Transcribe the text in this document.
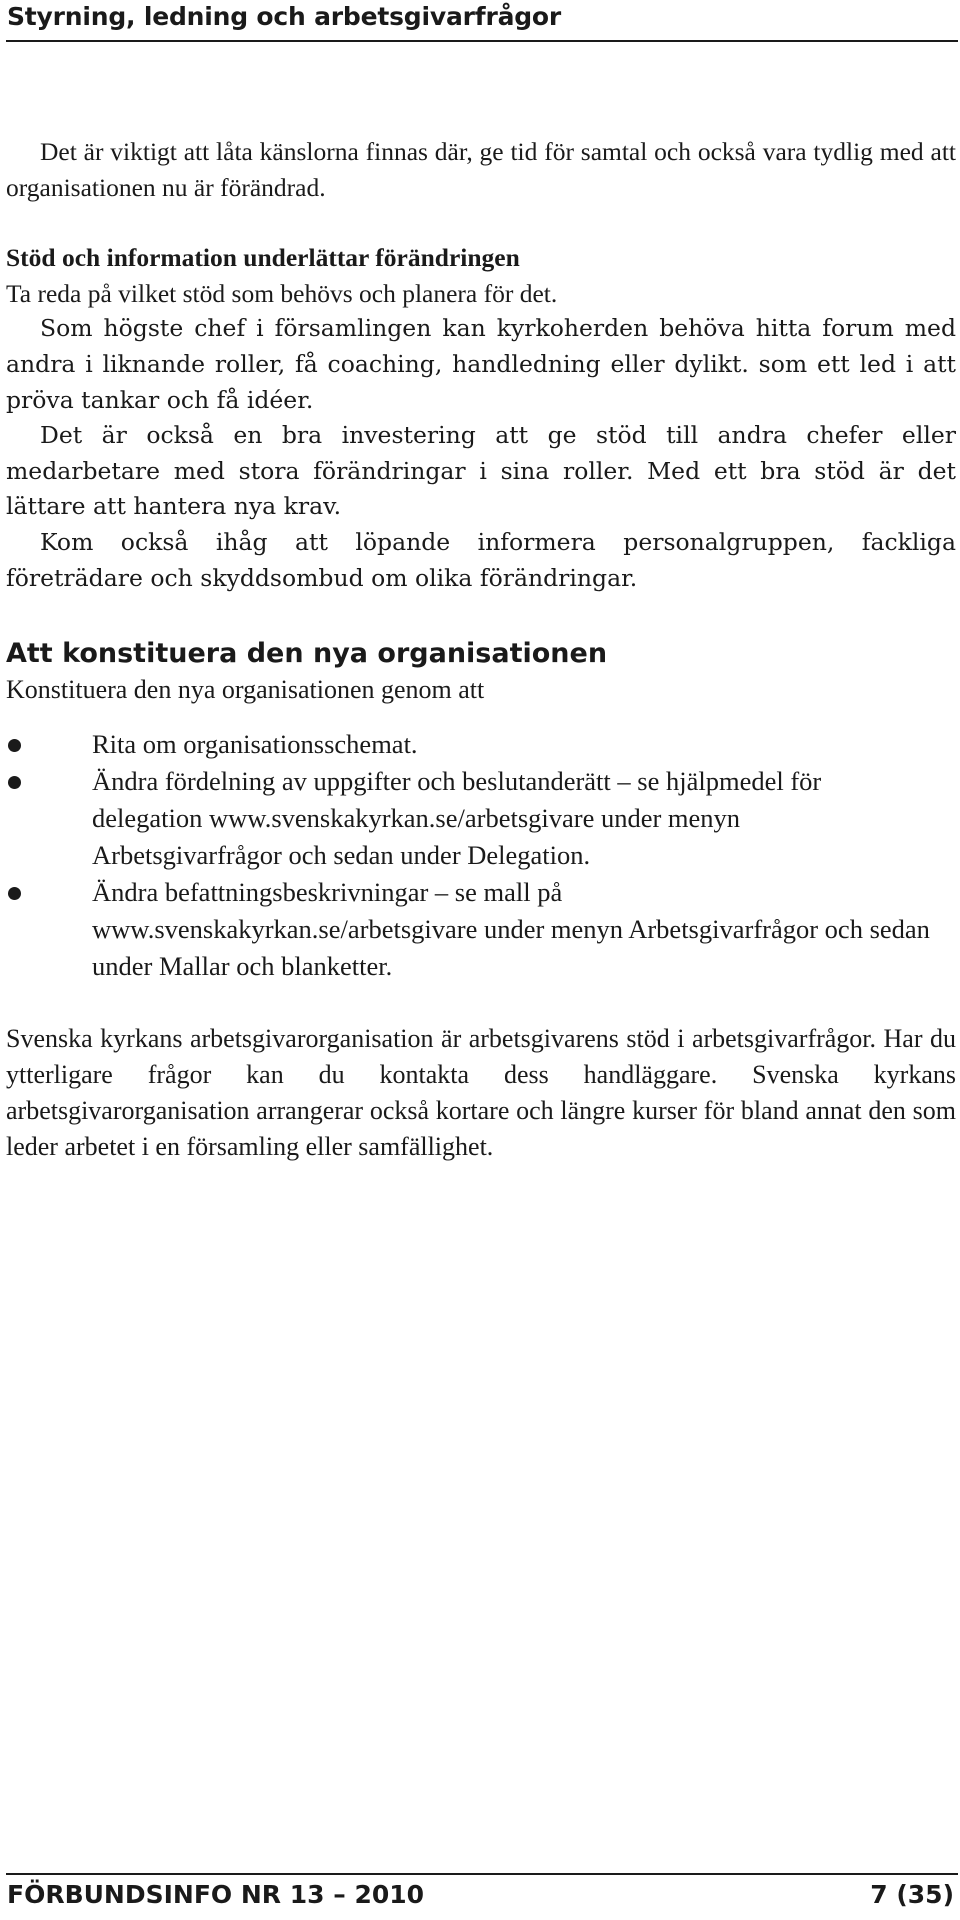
Styrning, ledning och arbetsgivarfrågor

Det är viktigt att låta känslorna finnas där, ge tid för samtal och också vara tydlig med att organisationen nu är förändrad.

Stöd och information underlättar förändringen

Ta reda på vilket stöd som behövs och planera för det.

Som högste chef i församlingen kan kyrkoherden behöva hitta forum med andra i liknande roller, få coaching, handledning eller dylikt. som ett led i att pröva tankar och få idéer.

Det är också en bra investering att ge stöd till andra chefer eller medarbetare med stora förändringar i sina roller. Med ett bra stöd är det lättare att hantera nya krav.

Kom också ihåg att löpande informera personalgruppen, fackliga företrädare och skyddsombud om olika förändringar.

Att konstituera den nya organisationen

Konstituera den nya organisationen genom att

Rita om organisationsschemat.
Ändra fördelning av uppgifter och beslutanderätt – se hjälpmedel för delegation www.svenskakyrkan.se/arbetsgivare under menyn Arbetsgivarfrågor och sedan under Delegation.
Ändra befattningsbeskrivningar – se mall på www.svenskakyrkan.se/arbetsgivare under menyn Arbetsgivarfrågor och sedan under Mallar och blanketter.

Svenska kyrkans arbetsgivarorganisation är arbetsgivarens stöd i arbetsgivarfrågor. Har du ytterligare frågor kan du kontakta dess handläggare. Svenska kyrkans arbetsgivarorganisation arrangerar också kortare och längre kurser för bland annat den som leder arbetet i en församling eller samfällighet.

FÖRBUNDSINFO NR 13 – 2010	7 (35)
